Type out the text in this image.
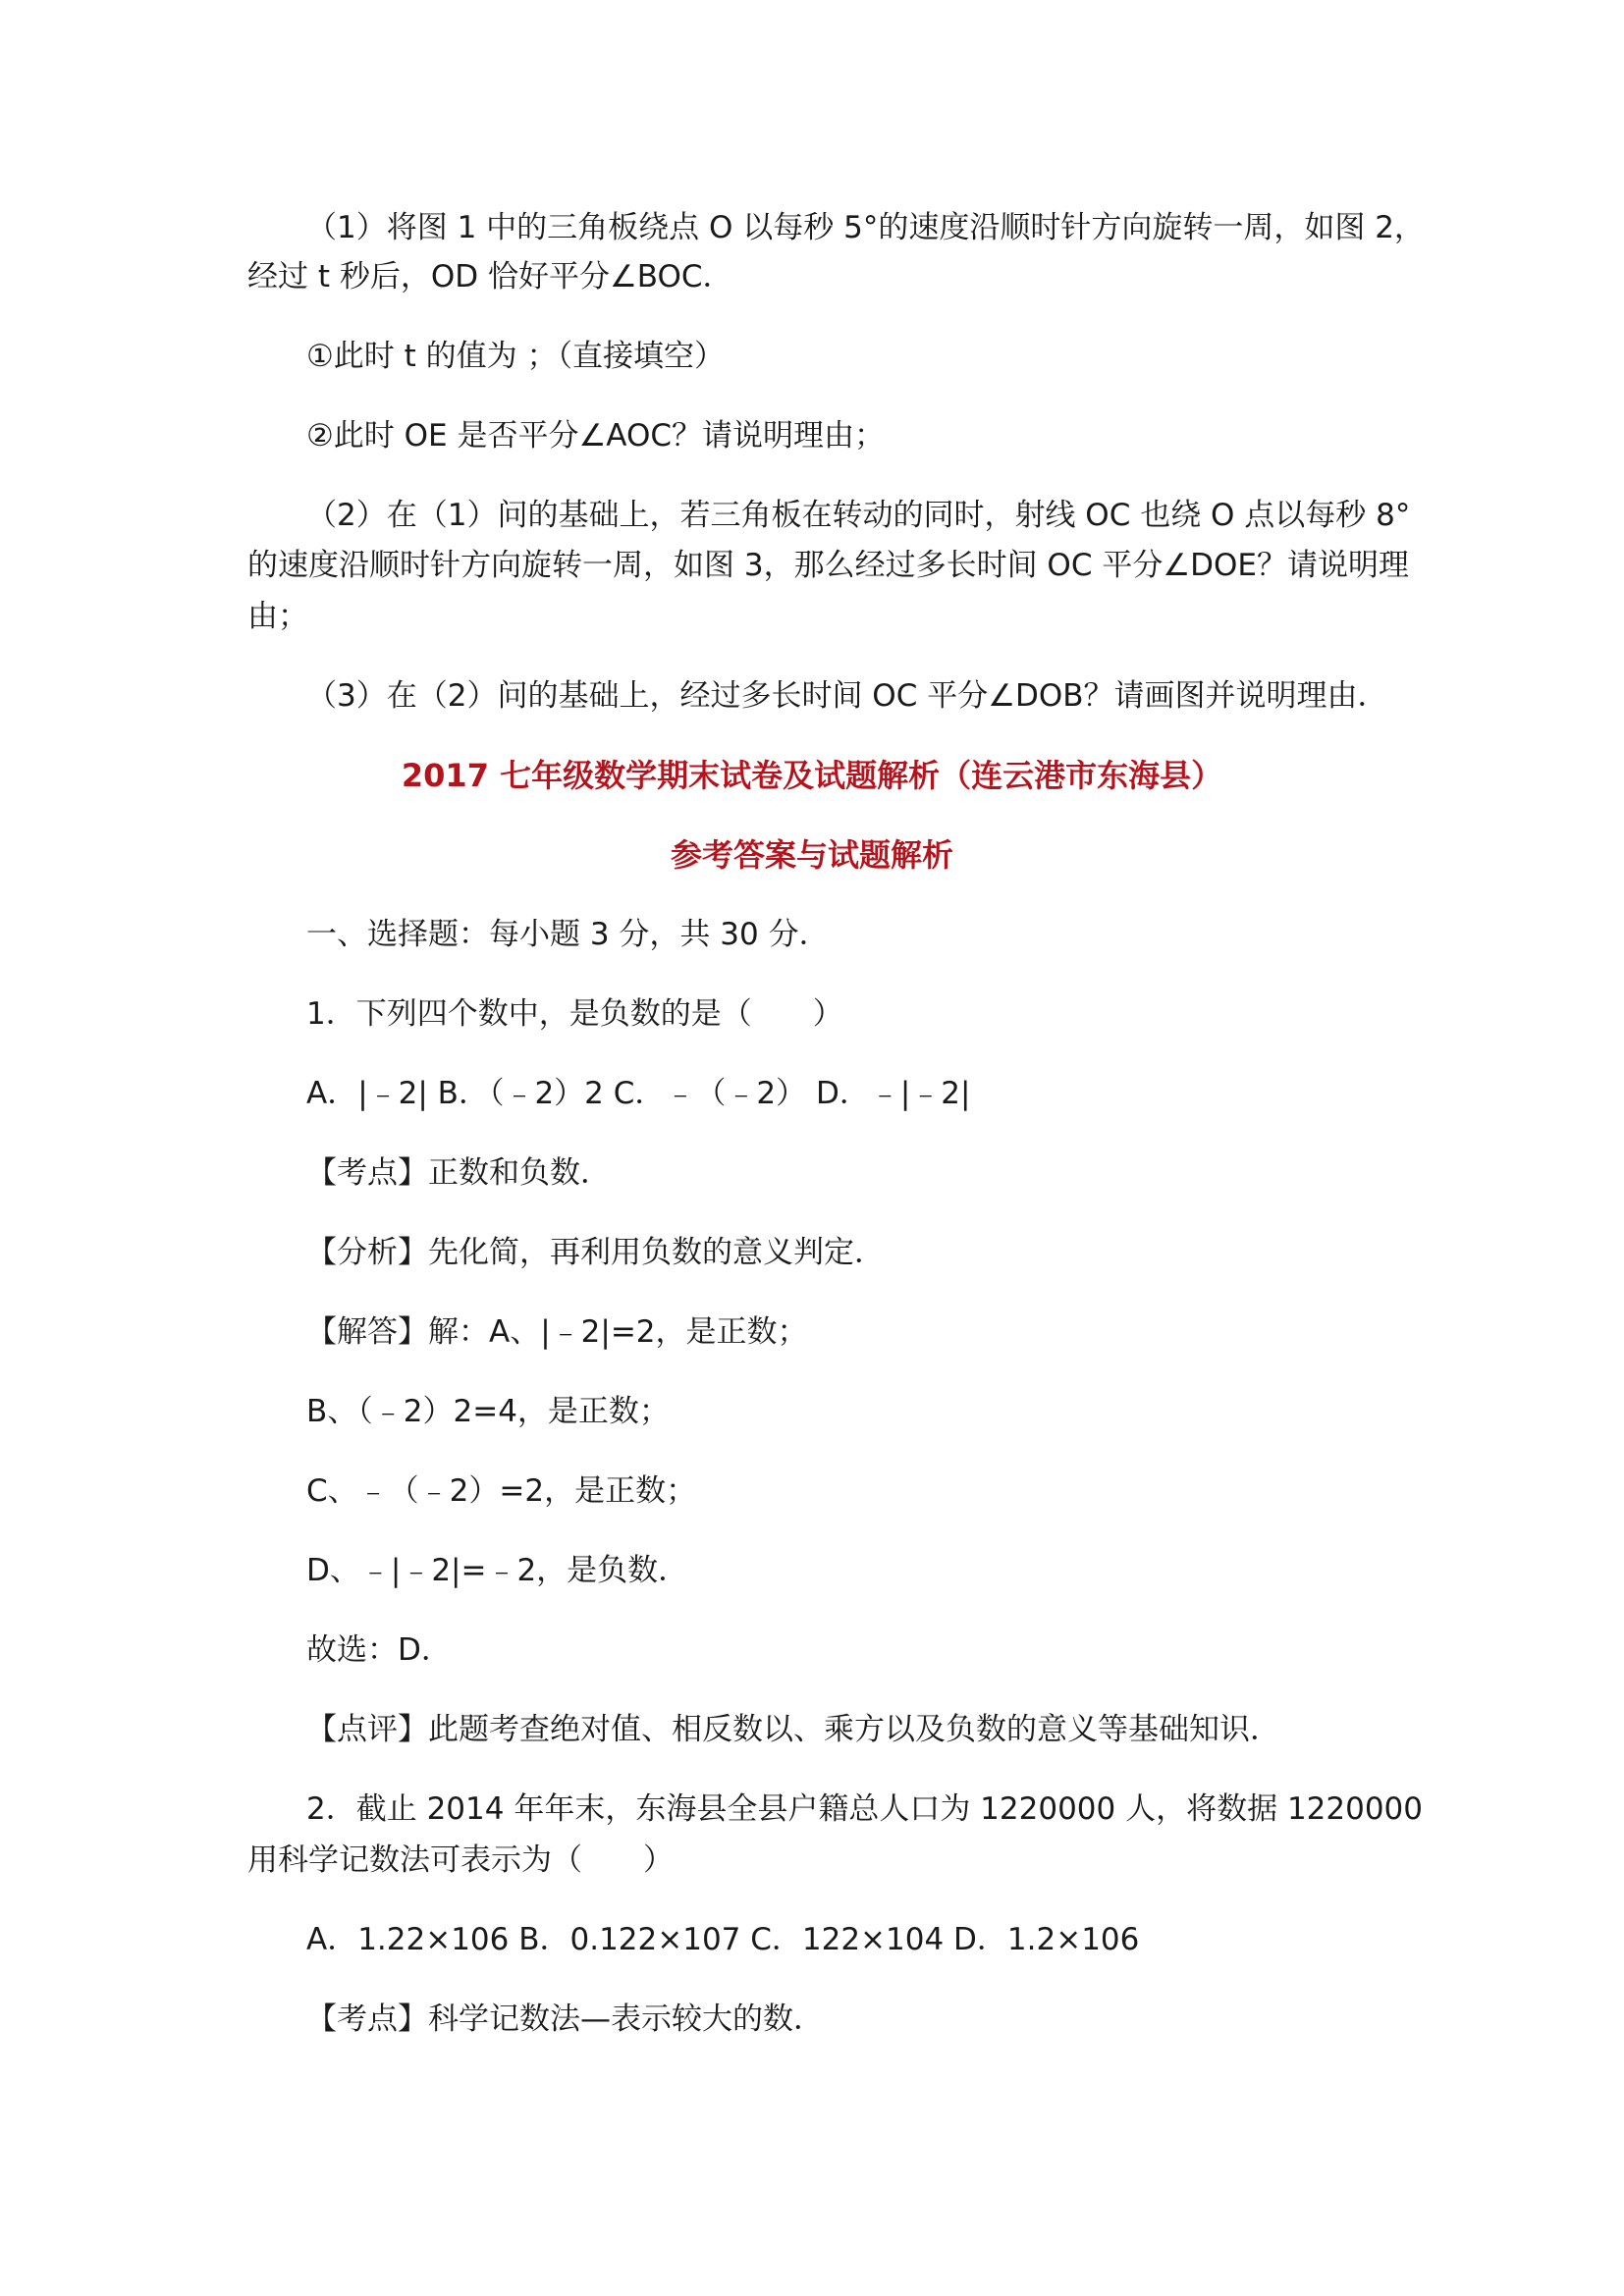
（1）将图 1 中的三角板绕点 O 以每秒 5°的速度沿顺时针方向旋转一周，如图 2，
经过 t 秒后，OD 恰好平分∠BOC．
①此时 t 的值为 ；（直接填空）
②此时 OE 是否平分∠AOC？请说明理由；
（2）在（1）问的基础上，若三角板在转动的同时，射线 OC 也绕 O 点以每秒 8°
的速度沿顺时针方向旋转一周，如图 3，那么经过多长时间 OC 平分∠DOE？请说明理
由；
（3）在（2）问的基础上，经过多长时间 OC 平分∠DOB？请画图并说明理由．
2017 七年级数学期末试卷及试题解析（连云港市东海县）
参考答案与试题解析
一、选择题：每小题 3 分，共 30 分．
1．下列四个数中，是负数的是（　　）
A．|﹣2| B．（﹣2）2 C．﹣（﹣2） D．﹣|﹣2|
【考点】正数和负数．
【分析】先化简，再利用负数的意义判定．
【解答】解：A、|﹣2|=2，是正数；
B、（﹣2）2=4，是正数；
C、﹣（﹣2）=2，是正数；
D、﹣|﹣2|=﹣2，是负数．
故选：D．
【点评】此题考查绝对值、相反数以、乘方以及负数的意义等基础知识．
2．截止 2014 年年末，东海县全县户籍总人口为 1220000 人，将数据 1220000
用科学记数法可表示为（　　）
A．1.22×106 B．0.122×107 C．122×104 D．1.2×106
【考点】科学记数法—表示较大的数．
